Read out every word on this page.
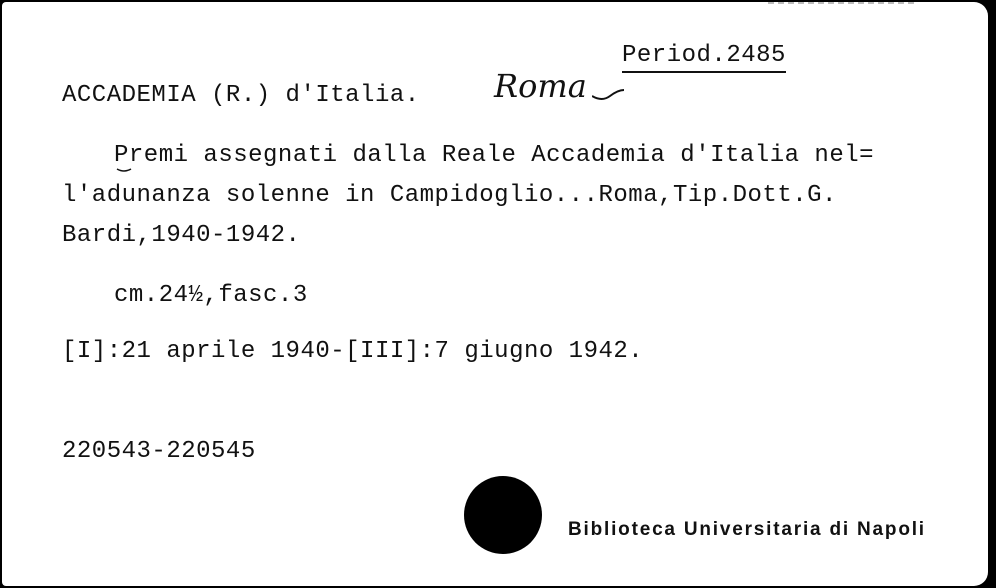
Period.2485
ACCADEMIA (R.) d'Italia. Roma
Premi assegnati dalla Reale Accademia d'Italia nel=
l'adunanza solenne in Campidoglio...Roma,Tip.Dott.G.
Bardi,1940-1942.
cm.24½,fasc.3
[I]:21 aprile 1940-[III]:7 giugno 1942.
220543-220545
Biblioteca Universitaria di Napoli
